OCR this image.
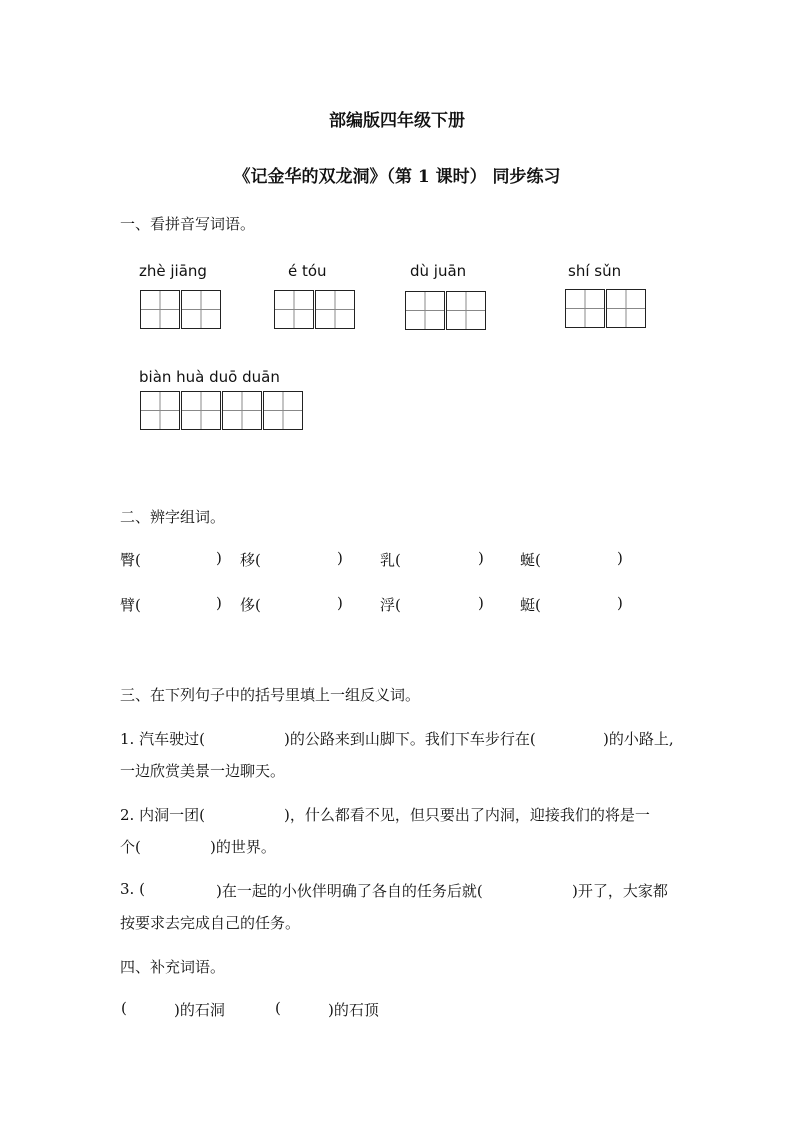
部编版四年级下册
《记金华的双龙洞》（第 1 课时） 同步练习
一、看拼音写词语。
zhè jiāng	é tóu	dù juān	shí sǔn
biàn huà duō duān
二、辨字组词。
臀(	) 移(	) 乳(	) 蜒(	)
臂(	) 侈(	) 浮(	) 蜓(	)
三、在下列句子中的括号里填上一组反义词。
1. 汽车驶过(	)的公路来到山脚下。我们下车步行在(	)的小路上,
一边欣赏美景一边聊天。
2. 内洞一团(	)，什么都看不见，但只要出了内洞，迎接我们的将是一
个(	)的世界。
3. (	)在一起的小伙伴明确了各自的任务后就(	)开了，大家都
按要求去完成自己的任务。
四、补充词语。
(	)的石洞	(	)的石顶
